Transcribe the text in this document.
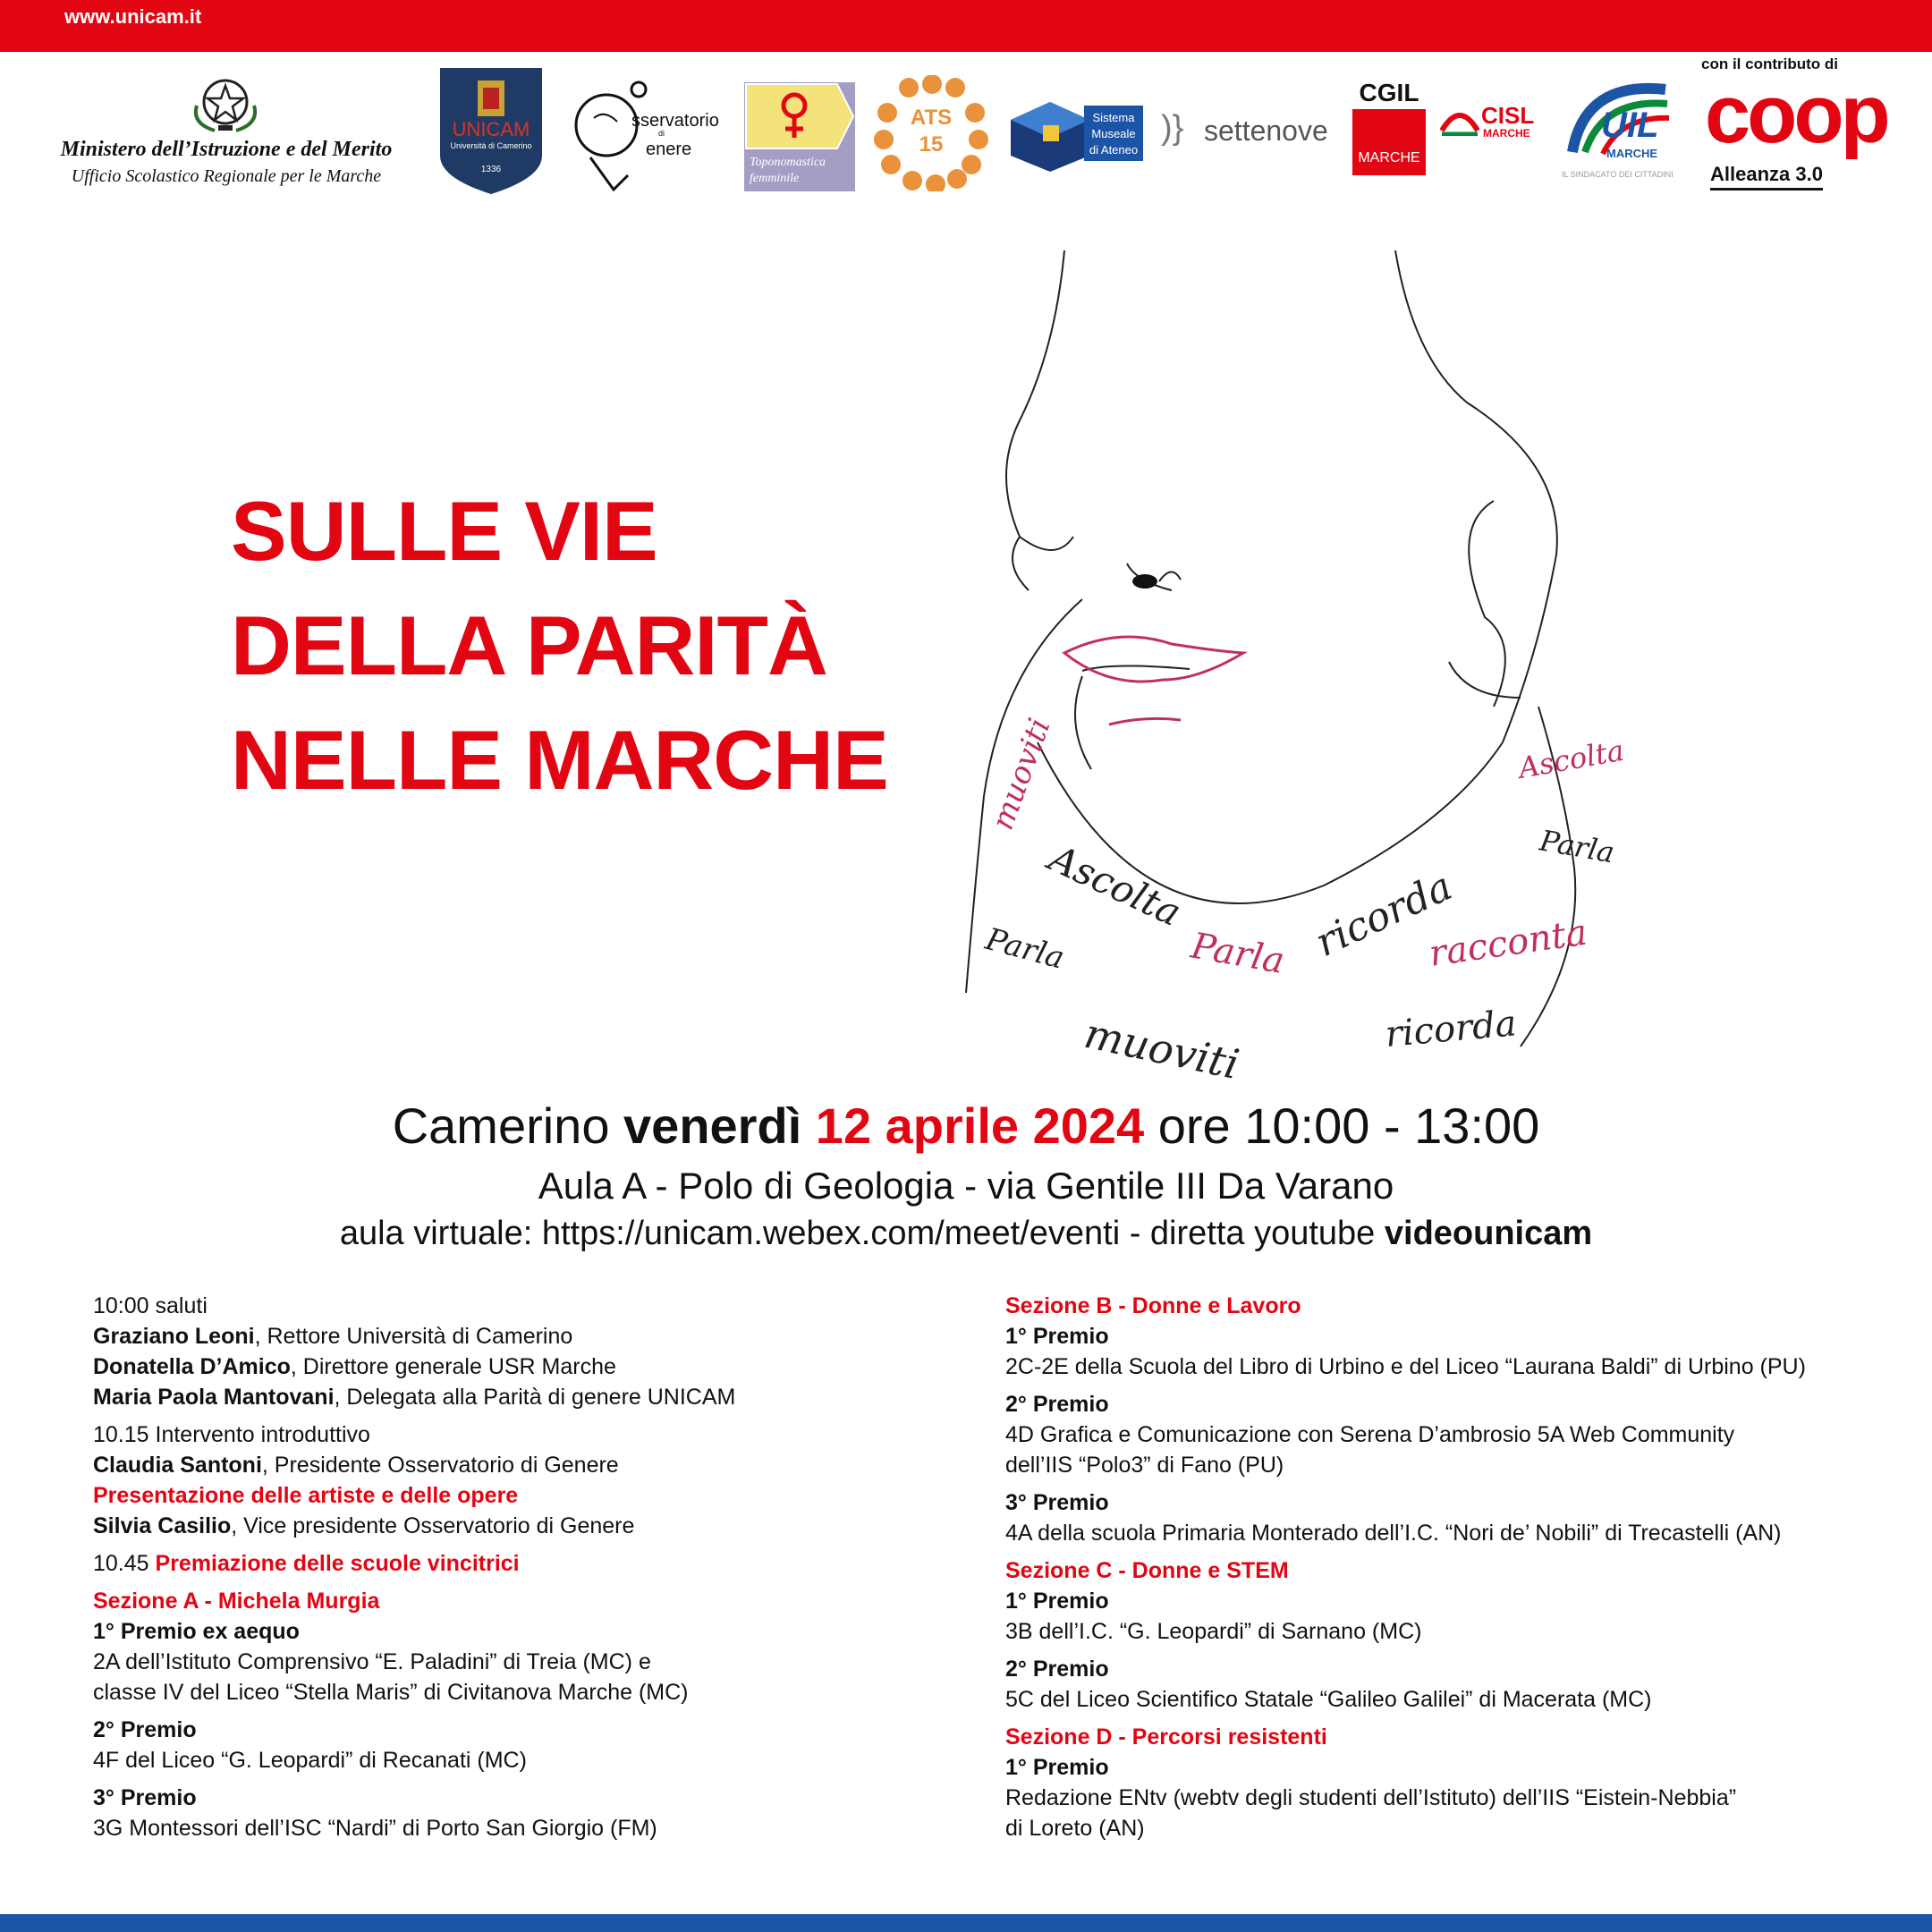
www.unicam.it
Ministero dell’Istruzione e del Merito
Ufficio Scolastico Regionale per le Marche
UNICAM
Università di Camerino
1336
sservatorio
di
enere
Toponomastica
femminile
ATS
15
Sistema
Museale
di Ateneo
)} settenove
CGIL
MARCHE
CISL
MARCHE UIL
MARCHE
IL SINDACATO DEI CITTADINI
con il contributo di
coop
Alleanza 3.0
SULLE VIE
DELLA PARITÀ
NELLE MARCHE	muoviti
Ascolta
Parla	Parla ricorda
racconta
Ascolta
Parla
muoviti	ricorda
Camerino venerdì 12 aprile 2024 ore 10:00 - 13:00
Aula A - Polo di Geologia - via Gentile III Da Varano
aula virtuale: https://unicam.webex.com/meet/eventi - diretta youtube videounicam
10:00 saluti
Graziano Leoni, Rettore Università di Camerino
Donatella D’Amico, Direttore generale USR Marche
Maria Paola Mantovani, Delegata alla Parità di genere UNICAM
10.15 Intervento introduttivo
Claudia Santoni, Presidente Osservatorio di Genere
Presentazione delle artiste e delle opere
Silvia Casilio, Vice presidente Osservatorio di Genere
10.45 Premiazione delle scuole vincitrici
Sezione A - Michela Murgia
1° Premio ex aequo
2A dell’Istituto Comprensivo “E. Paladini” di Treia (MC) e
classe IV del Liceo “Stella Maris” di Civitanova Marche (MC)
2° Premio
4F del Liceo “G. Leopardi” di Recanati (MC)
3° Premio
3G Montessori dell’ISC “Nardi” di Porto San Giorgio (FM)
Sezione B - Donne e Lavoro
1° Premio
2C-2E della Scuola del Libro di Urbino e del Liceo “Laurana Baldi” di Urbino (PU)
2° Premio
4D Grafica e Comunicazione con Serena D’ambrosio 5A Web Community
dell’IIS “Polo3” di Fano (PU)
3° Premio
4A della scuola Primaria Monterado dell’I.C. “Nori de’ Nobili” di Trecastelli (AN)
Sezione C - Donne e STEM
1° Premio
3B dell’I.C. “G. Leopardi” di Sarnano (MC)
2° Premio
5C del Liceo Scientifico Statale “Galileo Galilei” di Macerata (MC)
Sezione D - Percorsi resistenti
1° Premio
Redazione ENtv (webtv degli studenti dell’Istituto) dell’IIS “Eistein-Nebbia”
di Loreto (AN)
